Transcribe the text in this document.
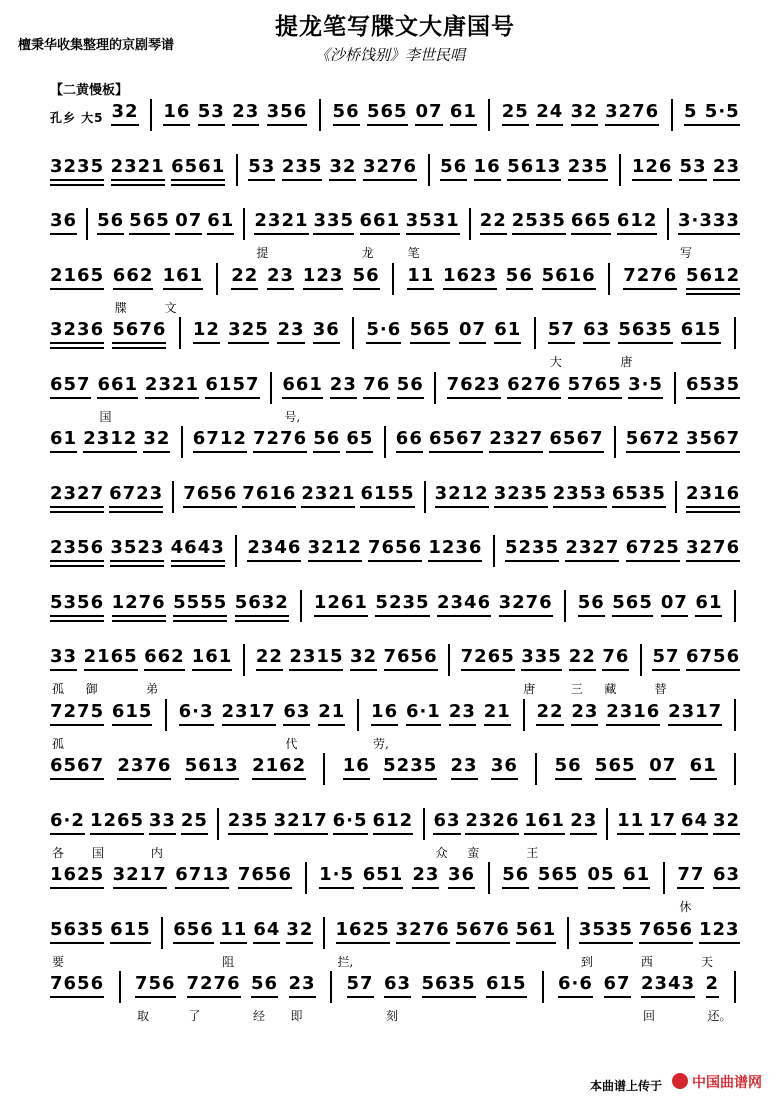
檀秉华收集整理的京剧琴谱
提龙笔写牒文大唐国号
《沙桥饯别》李世民唱
【二黄慢板】
孔乡 大5 32 16 53 23 356 56 565 07 61 25 24 32 3276 5 5·5
3235 2321 6561 53 235 32 3276 56 16 5613 235 126 53 23
36 56 565 07 61 2321
提
335 661
龙
3531
笔
22 2535 665 612 3·333
写
2165 662
牒
161
文
22 23 123 56 11 1623 56 5616 7276 5612
3236 5676 12 325 23 36 5·6 565 07 61 57
大
63 5635
唐
615
657 661
国
2321 6157 661
号,
23 76 56 7623 6276 5765 3·5 6535
61 2312 32 6712 7276 56 65 66 6567 2327 6567 5672 3567
2327 6723 7656 7616 2321 6155 3212 3235 2353 6535 2316
2356 3523 4643 2346 3212 7656 1236 5235 2327 6725 3276
5356 1276 5555 5632 1261 5235 2346 3276 56 565 07 61
33
孤
2165
御
662
弟
161 22 2315 32 7656 7265 335
唐
22
三
76
藏
57
替
6756
7275
孤
615 6·3 2317 63
代
21 16
劳,
6·1 23 21 22 23 2316 2317
6567 2376 5613 2162 16 5235 23 36 56 565 07 61
6·2
各
1265
国
33
内
25 235 3217 6·5 612 63
众
2326
蛮
161
王
23 11 17 64 32
1625 3217 6713 7656 1·5 651 23 36 56 565 05 61 77
休
63
5635
要
615 656 11
阻
64 32 1625
拦,
3276 5676 561 3535
到
7656
西
123
天
7656 756
取
7276
了
56
经
23
即
57 63
刻
5635 615 6·6 67 2343
回
2
还。
本曲谱上传于 中国曲谱网
